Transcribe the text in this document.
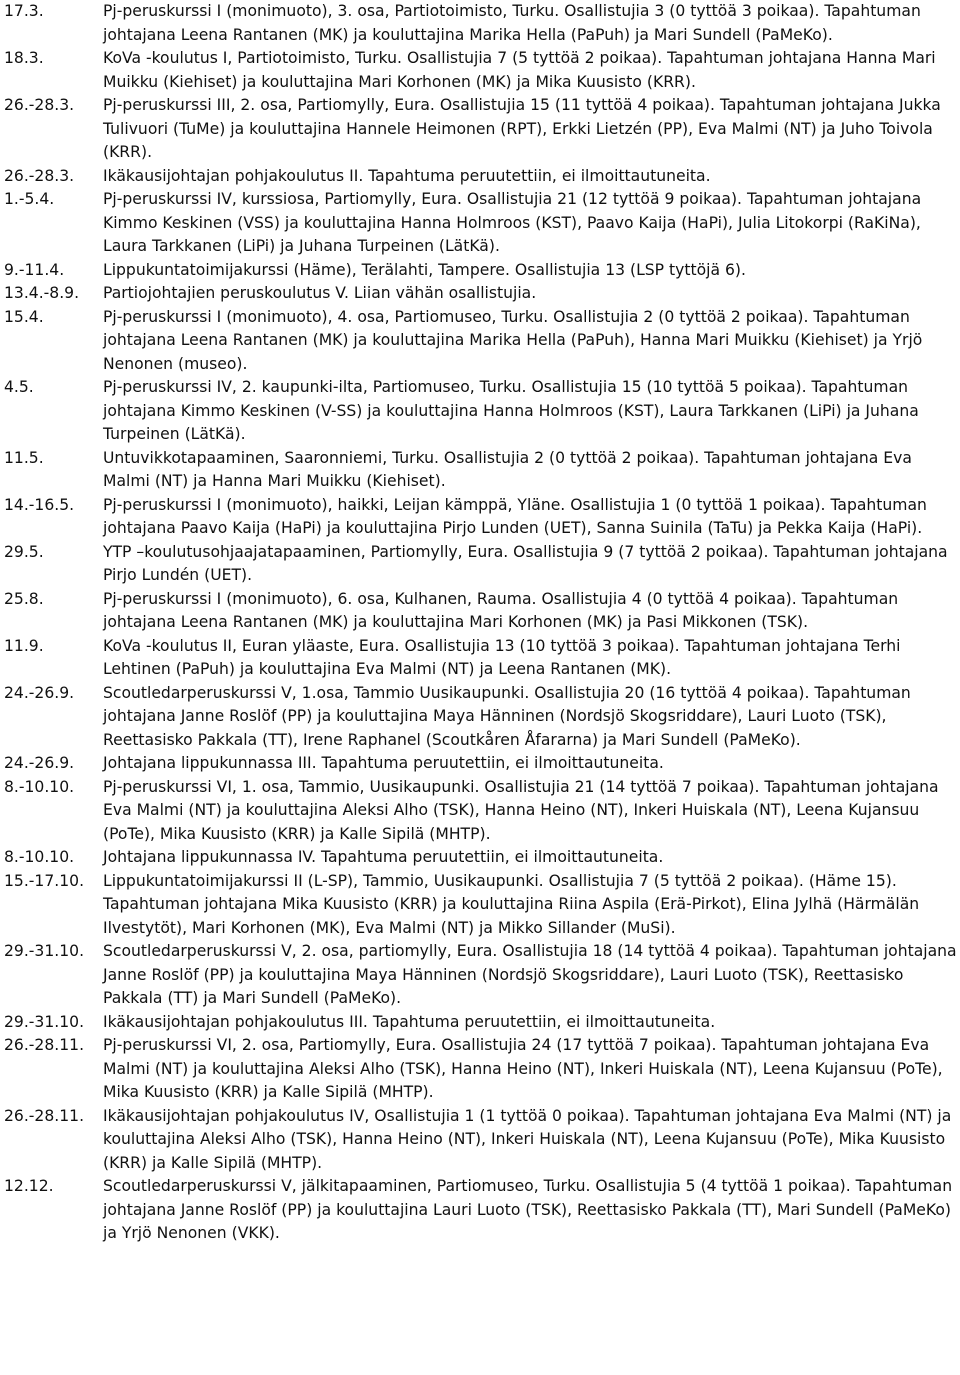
17.3.	Pj-peruskurssi I (monimuoto), 3. osa, Partiotoimisto, Turku. Osallistujia 3 (0 tyttöä 3 poikaa). Tapahtuman johtajana Leena Rantanen (MK) ja kouluttajina Marika Hella (PaPuh) ja Mari Sundell (PaMeKo).
18.3.	KoVa -koulutus I, Partiotoimisto, Turku. Osallistujia 7 (5 tyttöä 2 poikaa). Tapahtuman johtajana Hanna Mari Muikku (Kiehiset) ja kouluttajina Mari Korhonen (MK) ja Mika Kuusisto (KRR).
26.-28.3. Pj-peruskurssi III, 2. osa, Partiomylly, Eura. Osallistujia 15 (11 tyttöä 4 poikaa). Tapahtuman johtajana Jukka Tulivuori (TuMe) ja kouluttajina Hannele Heimonen (RPT), Erkki Lietzén (PP), Eva Malmi (NT) ja Juho Toivola (KRR).
26.-28.3. Ikäkausijohtajan pohjakoulutus II. Tapahtuma peruutettiin, ei ilmoittautuneita.
1.-5.4.	Pj-peruskurssi IV, kurssiosa, Partiomylly, Eura. Osallistujia 21 (12 tyttöä 9 poikaa). Tapahtuman johtajana Kimmo Keskinen (VSS) ja kouluttajina Hanna Holmroos (KST), Paavo Kaija (HaPi), Julia Litokorpi (RaKiNa), Laura Tarkkanen (LiPi) ja Juhana Turpeinen (LätKä).
9.-11.4. Lippukuntatoimijakurssi (Häme), Terälahti, Tampere. Osallistujia 13 (LSP tyttöjä 6).
13.4.-8.9. Partiojohtajien peruskoulutus V. Liian vähän osallistujia.
15.4.	Pj-peruskurssi I (monimuoto), 4. osa, Partiomuseo, Turku. Osallistujia 2 (0 tyttöä 2 poikaa). Tapahtuman johtajana Leena Rantanen (MK) ja kouluttajina Marika Hella (PaPuh), Hanna Mari Muikku (Kiehiset) ja Yrjö Nenonen (museo).
4.5.	Pj-peruskurssi IV, 2. kaupunki-ilta, Partiomuseo, Turku. Osallistujia 15 (10 tyttöä 5 poikaa). Tapahtuman johtajana Kimmo Keskinen (V-SS) ja kouluttajina Hanna Holmroos (KST), Laura Tarkkanen (LiPi) ja Juhana Turpeinen (LätKä).
11.5.	Untuvikkotapaaminen, Saaronniemi, Turku. Osallistujia 2 (0 tyttöä 2 poikaa). Tapahtuman johtajana Eva Malmi (NT) ja Hanna Mari Muikku (Kiehiset).
14.-16.5. Pj-peruskurssi I (monimuoto), haikki, Leijan kämppä, Yläne. Osallistujia 1 (0 tyttöä 1 poikaa). Tapahtuman johtajana Paavo Kaija (HaPi) ja kouluttajina Pirjo Lunden (UET), Sanna Suinila (TaTu) ja Pekka Kaija (HaPi).
29.5.	YTP –koulutusohjaajatapaaminen, Partiomylly, Eura. Osallistujia 9 (7 tyttöä 2 poikaa). Tapahtuman johtajana Pirjo Lundén (UET).
25.8.	Pj-peruskurssi I (monimuoto), 6. osa, Kulhanen, Rauma. Osallistujia 4 (0 tyttöä 4 poikaa). Tapahtuman johtajana Leena Rantanen (MK) ja kouluttajina Mari Korhonen (MK) ja Pasi Mikkonen (TSK).
11.9.	KoVa -koulutus II, Euran yläaste, Eura. Osallistujia 13 (10 tyttöä 3 poikaa). Tapahtuman johtajana Terhi Lehtinen (PaPuh) ja kouluttajina Eva Malmi (NT) ja Leena Rantanen (MK).
24.-26.9. Scoutledarperuskurssi V, 1.osa, Tammio Uusikaupunki. Osallistujia 20 (16 tyttöä 4 poikaa). Tapahtuman johtajana Janne Roslöf (PP) ja kouluttajina Maya Hänninen (Nordsjö Skogsriddare), Lauri Luoto (TSK), Reettasisko Pakkala (TT), Irene Raphanel (Scoutkåren Åfararna) ja Mari Sundell (PaMeKo).
24.-26.9. Johtajana lippukunnassa III. Tapahtuma peruutettiin, ei ilmoittautuneita.
8.-10.10. Pj-peruskurssi VI, 1. osa, Tammio, Uusikaupunki. Osallistujia 21 (14 tyttöä 7 poikaa). Tapahtuman johtajana Eva Malmi (NT) ja kouluttajina Aleksi Alho (TSK), Hanna Heino (NT), Inkeri Huiskala (NT), Leena Kujansuu (PoTe), Mika Kuusisto (KRR) ja Kalle Sipilä (MHTP).
8.-10.10. Johtajana lippukunnassa IV. Tapahtuma peruutettiin, ei ilmoittautuneita.
15.-17.10. Lippukuntatoimijakurssi II (L-SP), Tammio, Uusikaupunki. Osallistujia 7 (5 tyttöä 2 poikaa). (Häme 15). Tapahtuman johtajana Mika Kuusisto (KRR) ja kouluttajina Riina Aspila (Erä-Pirkot), Elina Jylhä (Härmälän Ilvestytöt), Mari Korhonen (MK), Eva Malmi (NT) ja Mikko Sillander (MuSi).
29.-31.10. Scoutledarperuskurssi V, 2. osa, partiomylly, Eura. Osallistujia 18 (14 tyttöä 4 poikaa). Tapahtuman johtajana Janne Roslöf (PP) ja kouluttajina Maya Hänninen (Nordsjö Skogsriddare), Lauri Luoto (TSK), Reettasisko Pakkala (TT) ja Mari Sundell (PaMeKo).
29.-31.10. Ikäkausijohtajan pohjakoulutus III. Tapahtuma peruutettiin, ei ilmoittautuneita.
26.-28.11. Pj-peruskurssi VI, 2. osa, Partiomylly, Eura. Osallistujia 24 (17 tyttöä 7 poikaa). Tapahtuman johtajana Eva Malmi (NT) ja kouluttajina Aleksi Alho (TSK), Hanna Heino (NT), Inkeri Huiskala (NT), Leena Kujansuu (PoTe), Mika Kuusisto (KRR) ja Kalle Sipilä (MHTP).
26.-28.11. Ikäkausijohtajan pohjakoulutus IV, Osallistujia 1 (1 tyttöä 0 poikaa). Tapahtuman johtajana Eva Malmi (NT) ja kouluttajina Aleksi Alho (TSK), Hanna Heino (NT), Inkeri Huiskala (NT), Leena Kujansuu (PoTe), Mika Kuusisto (KRR) ja Kalle Sipilä (MHTP).
12.12.	Scoutledarperuskurssi V, jälkitapaaminen, Partiomuseo, Turku. Osallistujia 5 (4 tyttöä 1 poikaa). Tapahtuman johtajana Janne Roslöf (PP) ja kouluttajina Lauri Luoto (TSK), Reettasisko Pakkala (TT), Mari Sundell (PaMeKo) ja Yrjö Nenonen (VKK).
